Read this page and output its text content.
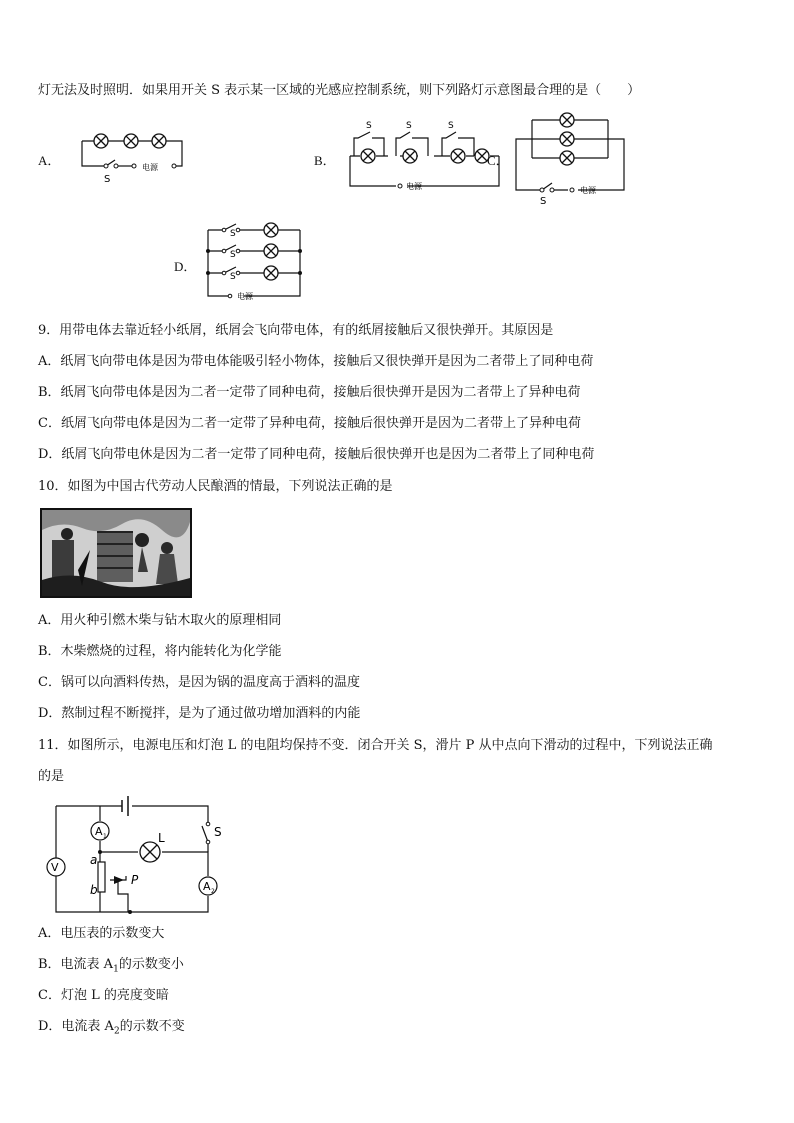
灯无法及时照明．如果用开关 S 表示某一区域的光感应控制系统，则下列路灯示意图最合理的是（　　）
A．	电源
S
B．
S	S	S
电源
C．
S
电源
D．
S
S
S
电源
9．用带电体去靠近轻小纸屑，纸屑会飞向带电体，有的纸屑接触后又很快弹开。其原因是
A．纸屑飞向带电体是因为带电体能吸引轻小物体，接触后又很快弹开是因为二者带上了同种电荷
B．纸屑飞向带电体是因为二者一定带了同种电荷，接触后很快弹开是因为二者带上了异种电荷
C．纸屑飞向带电体是因为二者一定带了异种电荷，接触后很快弹开是因为二者带上了异种电荷
D．纸屑飞向带电休是因为二者一定带了同种电荷，接触后很快弹开也是因为二者带上了同种电荷
10．如图为中国古代劳动人民酿酒的情最，下列说法正确的是
A．用火种引燃木柴与钻木取火的原理相同
B．木柴燃烧的过程，将内能转化为化学能
C．锅可以向酒料传热，是因为锅的温度高于酒料的温度
D．熬制过程不断搅拌，是为了通过做功增加酒料的内能
11．如图所示，电源电压和灯泡 L 的电阻均保持不变．闭合开关 S，滑片 P 从中点向下滑动的过程中，下列说法正确
的是
V
A 1
A 2
L	S
a
b
P
A．电压表的示数变大
B．电流表 $A_1$的示数变小
C．灯泡 L 的亮度变暗
D．电流表 $A_2$的示数不变
